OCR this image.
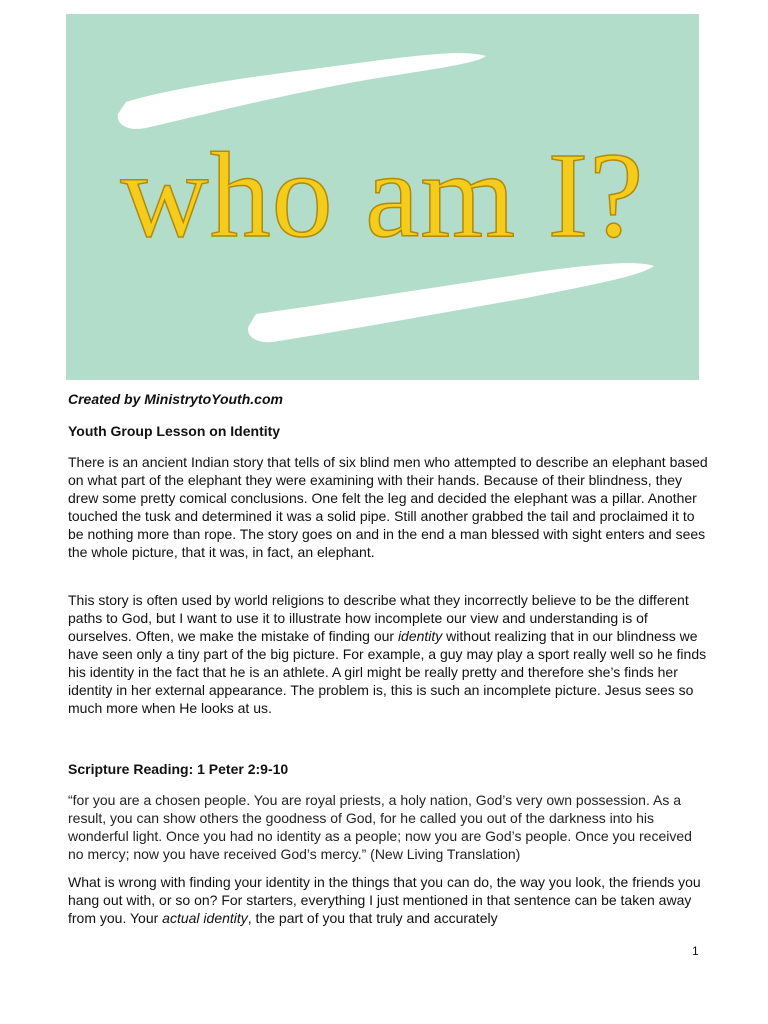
who am I?
Created by MinistrytoYouth.com
Youth Group Lesson on Identity

There is an ancient Indian story that tells of six blind men who attempted to describe an elephant based on what part of the elephant they were examining with their hands. Because of their blindness, they drew some pretty comical conclusions. One felt the leg and decided the elephant was a pillar. Another touched the tusk and determined it was a solid pipe. Still another grabbed the tail and proclaimed it to be nothing more than rope. The story goes on and in the end a man blessed with sight enters and sees the whole picture, that it was, in fact, an elephant.

This story is often used by world religions to describe what they incorrectly believe to be the different paths to God, but I want to use it to illustrate how incomplete our view and understanding is of ourselves. Often, we make the mistake of finding our identity without realizing that in our blindness we have seen only a tiny part of the big picture. For example, a guy may play a sport really well so he finds his identity in the fact that he is an athlete. A girl might be really pretty and therefore she’s finds her identity in her external appearance. The problem is, this is such an incomplete picture. Jesus sees so much more when He looks at us.

Scripture Reading: 1 Peter 2:9-10

“for you are a chosen people. You are royal priests, a holy nation, God’s very own possession. As a result, you can show others the goodness of God, for he called you out of the darkness into his wonderful light. Once you had no identity as a people; now you are God’s people. Once you received no mercy; now you have received God’s mercy.” (New Living Translation)

What is wrong with finding your identity in the things that you can do, the way you look, the friends you hang out with, or so on? For starters, everything I just mentioned in that sentence can be taken away from you. Your actual identity, the part of you that truly and accurately

1
